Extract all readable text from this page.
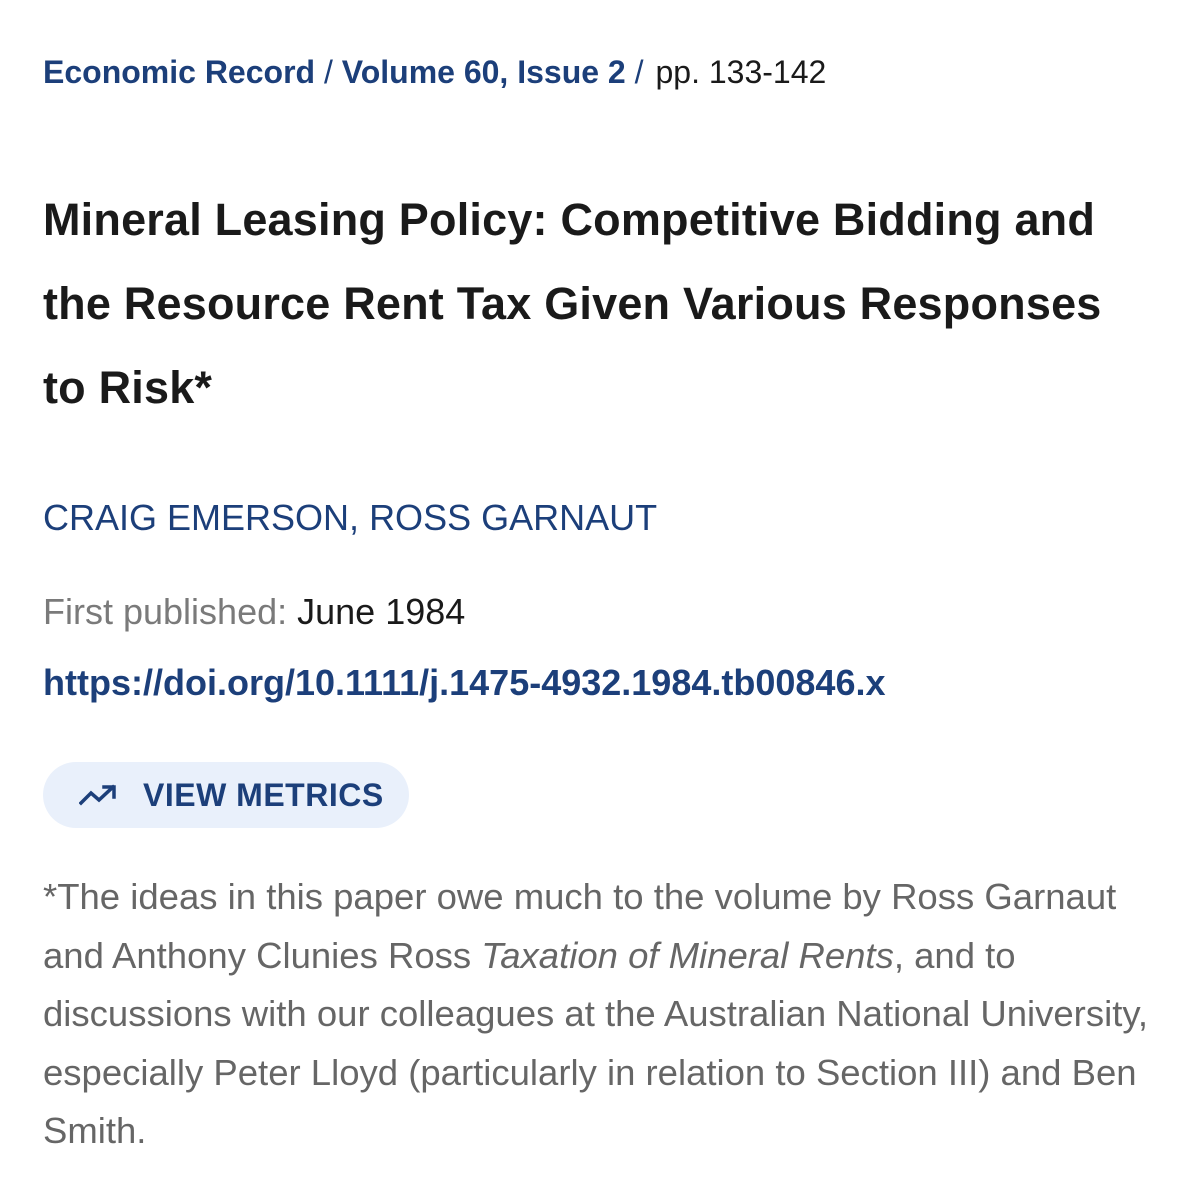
Economic Record / Volume 60, Issue 2 / pp. 133-142
Mineral Leasing Policy: Competitive Bidding and the Resource Rent Tax Given Various Responses to Risk*
CRAIG EMERSON, ROSS GARNAUT
First published: June 1984
https://doi.org/10.1111/j.1475-4932.1984.tb00846.x
VIEW METRICS

*The ideas in this paper owe much to the volume by Ross Garnaut and Anthony Clunies Ross Taxation of Mineral Rents, and to discussions with our colleagues at the Australian National University, especially Peter Lloyd (particularly in relation to Section III) and Ben Smith.
